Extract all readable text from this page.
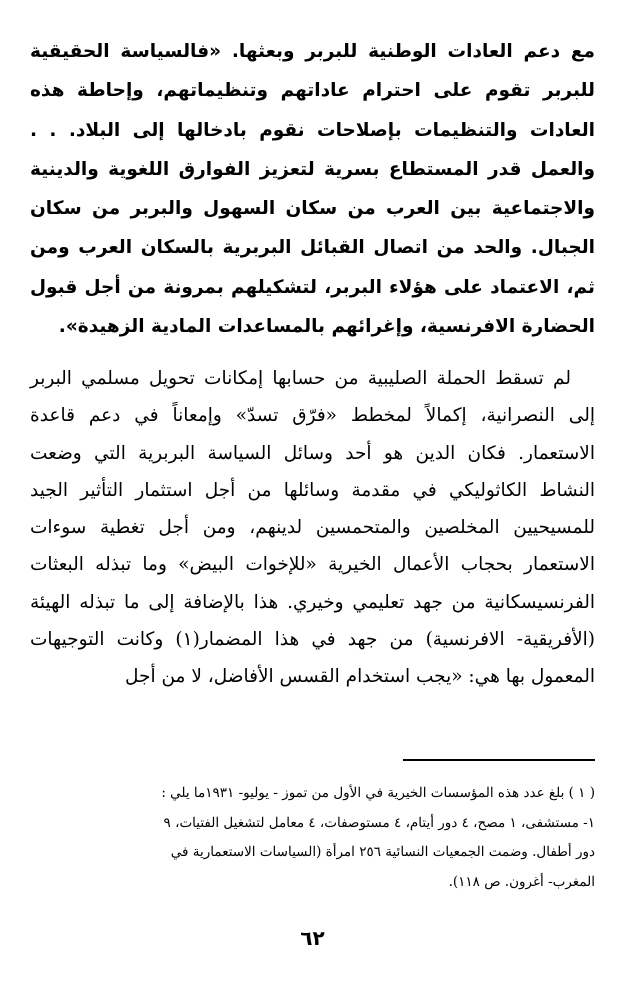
مع دعم العادات الوطنية للبربر وبعثها. «فالسياسة الحقيقية للبربر تقوم على احترام عاداتهم وتنظيماتهم، وإحاطة هذه العادات والتنظيمات بإصلاحات نقوم بادخالها إلى البلاد. . . والعمل قدر المستطاع بسرية لتعزيز الفوارق اللغوية والدينية والاجتماعية بين العرب من سكان السهول والبربر من سكان الجبال. والحد من اتصال القبائل البربرية بالسكان العرب ومن ثم، الاعتماد على هؤلاء البربر، لتشكيلهم بمرونة من أجل قبول الحضارة الافرنسية، وإغرائهم بالمساعدات المادية الزهيدة».

لم تسقط الحملة الصليبية من حسابها إمكانات تحويل مسلمي البربر إلى النصرانية، إكمالاً لمخطط «فرّق تسدّ» وإمعاناً في دعم قاعدة الاستعمار. فكان الدين هو أحد وسائل السياسة البربرية التي وضعت النشاط الكاثوليكي في مقدمة وسائلها من أجل استثمار التأثير الجيد للمسيحيين المخلصين والمتحمسين لدينهم، ومن أجل تغطية سوءات الاستعمار بحجاب الأعمال الخيرية «للإخوات البيض» وما تبذله البعثات الفرنسيسكانية من جهد تعليمي وخيري. هذا بالإضافة إلى ما تبذله الهيئة (الأفريقية- الافرنسية) من جهد في هذا المضمار(١) وكانت التوجيهات المعمول بها هي: «يجب استخدام القسس الأفاضل، لا من أجل

( ١ ) بلغ عدد هذه المؤسسات الخيرية في الأول من تموز - يوليو- ١٩٣١ما يلي :

١- مستشفى، ١ مصح، ٤ دور أيتام، ٤ مستوصفات، ٤ معامل لتشغيل الفتيات، ٩

دور أطفال. وضمت الجمعيات النسائية ٢٥٦ امرأة (السياسات الاستعمارية في

المغرب- أغرون. ص ١١٨).

٦٢
